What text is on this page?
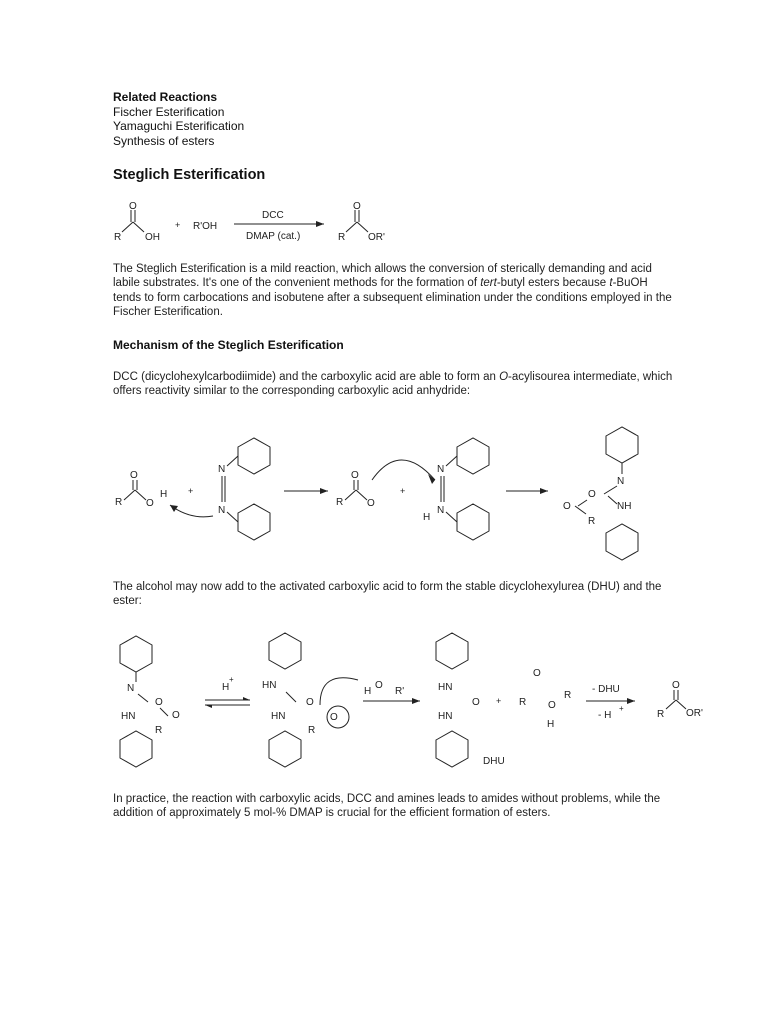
Related Reactions
Fischer Esterification
Yamaguchi Esterification
Synthesis of esters
Steglich Esterification
O
R OH
+ R'OH
DCC
DMAP (cat.)
O
R OR'
O
R O
H +
N
N
O
R O
+
N
H
N
N
O
O
R
NH
N
O
O
R
HN
H
+
HN
O
O
R
HN
H
O
R'	HN
O
HN
DHU
+ R
O
O
R
H
- DHU
- H
+
O
R OR'
The Steglich Esterification is a mild reaction, which allows the conversion of sterically demanding and acid labile substrates. It's one of the convenient methods for the formation of tert-butyl esters because t-BuOH tends to form carbocations and isobutene after a subsequent elimination under the conditions employed in the Fischer Esterification.
Mechanism of the Steglich Esterification
DCC (dicyclohexylcarbodiimide) and the carboxylic acid are able to form an O-acylisourea intermediate, which offers reactivity similar to the corresponding carboxylic acid anhydride:
The alcohol may now add to the activated carboxylic acid to form the stable dicyclohexylurea (DHU) and the ester:
In practice, the reaction with carboxylic acids, DCC and amines leads to amides without problems, while the addition of approximately 5 mol-% DMAP is crucial for the efficient formation of esters.
